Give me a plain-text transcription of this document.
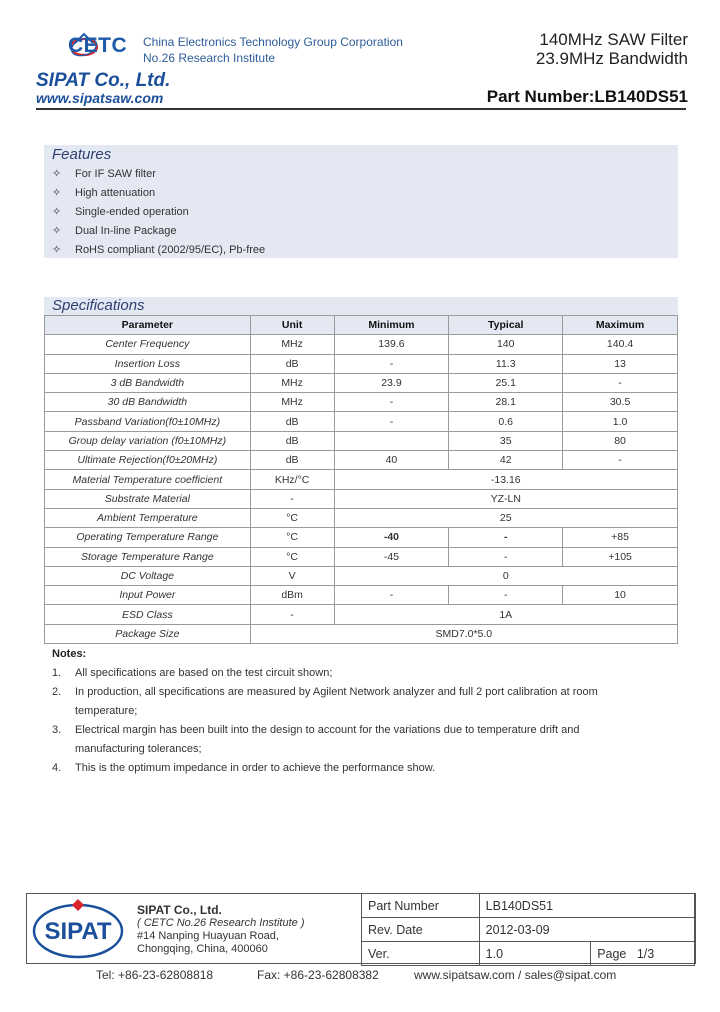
CETC China Electronics Technology Group Corporation
No.26 Research Institute
SIPAT Co., Ltd.
www.sipatsaw.com
140MHz SAW Filter
23.9MHz Bandwidth
Part Number:LB140DS51
Features
✧ For IF SAW filter
✧ High attenuation
✧ Single-ended operation
✧ Dual In-line Package
✧ RoHS compliant (2002/95/EC), Pb-free
Specifications
Parameter	Unit	Minimum	Typical	Maximum
Center Frequency	MHz	139.6	140	140.4
Insertion Loss	dB	-	11.3	13
3 dB Bandwidth	MHz	23.9	25.1	-
30 dB Bandwidth	MHz	-	28.1	30.5
Passband Variation(f0±10MHz)	dB	-	0.6	1.0
Group delay variation (f0±10MHz)	dB		35	80
Ultimate Rejection(f0±20MHz)	dB	40	42	-
Material Temperature coefficient	KHz/°C	-13.16		
Substrate Material	-	YZ-LN		
Ambient Temperature	°C	25		
Operating Temperature Range	°C	-40	-	+85
Storage Temperature Range	°C	-45	-	+105
DC Voltage	V	0		
Input Power	dBm	-	-	10
ESD Class	-	1A		
Package Size	SMD7.0*5.0			
Notes:
1. All specifications are based on the test circuit shown;
2. In production, all specifications are measured by Agilent Network analyzer and full 2 port calibration at room temperature;
3. Electrical margin has been built into the design to account for the variations due to temperature drift and manufacturing tolerances;
4. This is the optimum impedance in order to achieve the performance show.
SIPAT
SIPAT Co., Ltd.
( CETC No.26 Research Institute )
#14 Nanping Huayuan Road,
Chongqing, China, 400060
Part Number	LB140DS51	
Rev. Date	2012-03-09	
Ver.	1.0	Page 1/3
Tel: +86-23-62808818	Fax: +86-23-62808382	www.sipatsaw.com / sales@sipat.com
